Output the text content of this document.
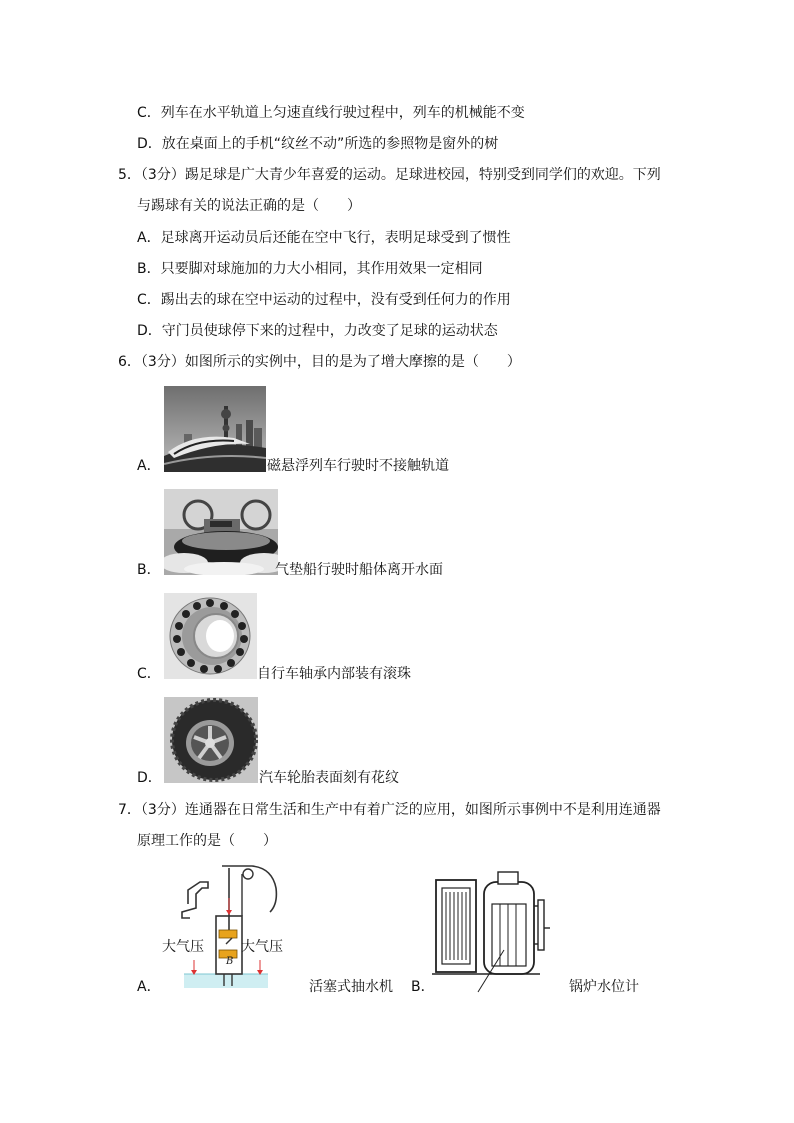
C．列车在水平轨道上匀速直线行驶过程中，列车的机械能不变
D．放在桌面上的手机“纹丝不动”所选的参照物是窗外的树
5．（3分）踢足球是广大青少年喜爱的运动。足球进校园，特别受到同学们的欢迎。下列
与踢球有关的说法正确的是（　　）
A．足球离开运动员后还能在空中飞行，表明足球受到了惯性
B．只要脚对球施加的力大小相同，其作用效果一定相同
C．踢出去的球在空中运动的过程中，没有受到任何力的作用
D．守门员使球停下来的过程中，力改变了足球的运动状态
6．（3分）如图所示的实例中，目的是为了增大摩擦的是（　　）
A．	磁悬浮列车行驶时不接触轨道
B．	气垫船行驶时船体离开水面
C．	自行车轴承内部装有滚珠
D．	汽车轮胎表面刻有花纹
7．（3分）连通器在日常生活和生产中有着广泛的应用，如图所示事例中不是利用连通器
原理工作的是（　　）
B
大气压	大气压
A．	活塞式抽水机 B．	锅炉水位计
